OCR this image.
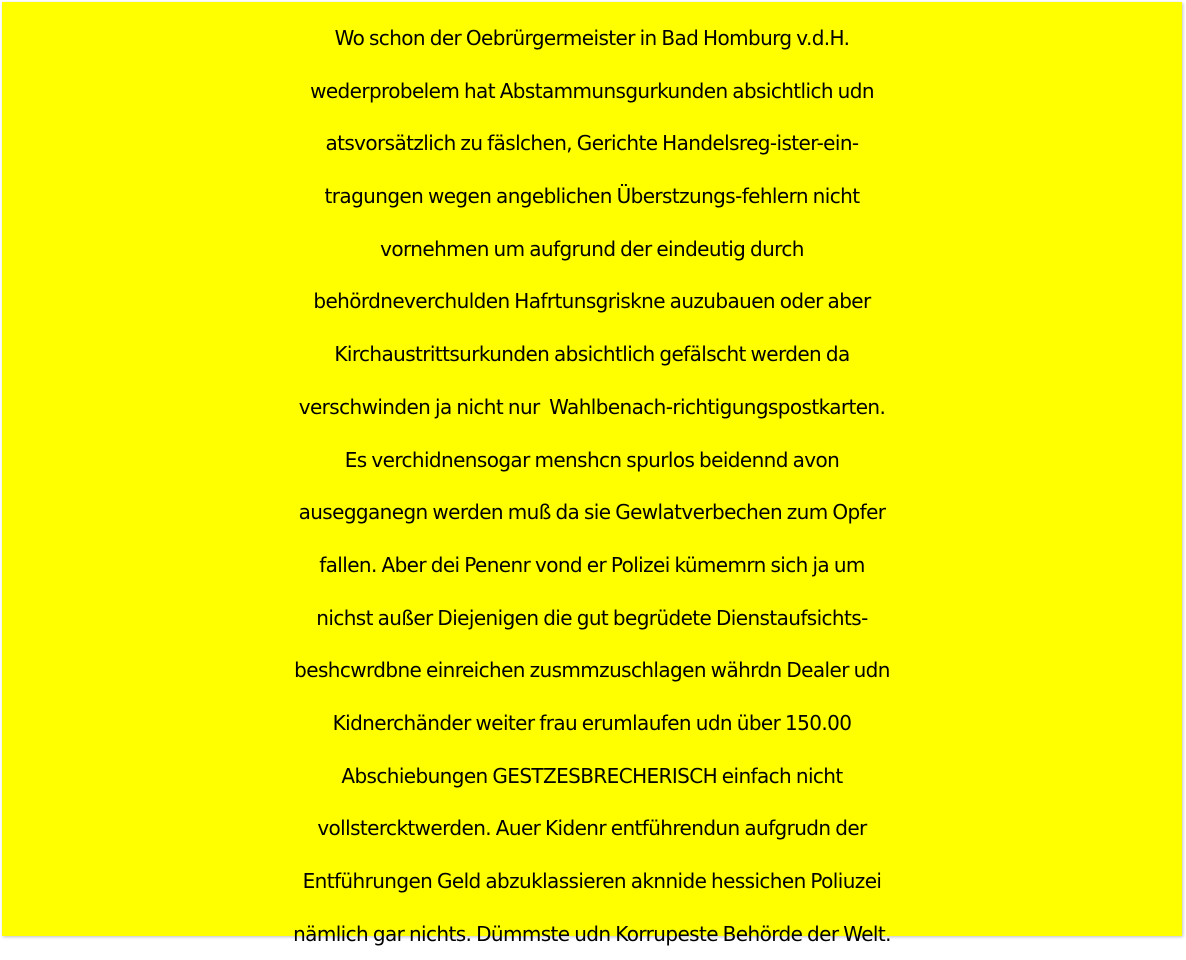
Wo schon der Oebrürgermeister in Bad Homburg v.d.H.
wederprobelem hat Abstammunsgurkunden absichtlich udn
atsvorsätzlich zu fäslchen, Gerichte Handelsreg-ister-ein-
tragungen wegen angeblichen Überstzungs-fehlern nicht
vornehmen um aufgrund der eindeutig durch
behördneverchulden Hafrtunsgriskne auzubauen oder aber
Kirchaustrittsurkunden absichtlich gefälscht werden da
verschwinden ja nicht nur  Wahlbenach-richtigungspostkarten.
Es verchidnensogar menshcn spurlos beidennd avon
ausegganegn werden muß da sie Gewlatverbechen zum Opfer
fallen. Aber dei Penenr vond er Polizei kümemrn sich ja um
nichst außer Diejenigen die gut begrüdete Dienstaufsichts-
beshcwrdbne einreichen zusmmzuschlagen währdn Dealer udn
Kidnerchänder weiter frau erumlaufen udn über 150.00
Abschiebungen GESTZESBRECHERISCH einfach nicht
vollstercktwerden. Auer Kidenr entführendun aufgrudn der
Entführungen Geld abzuklassieren aknnide hessichen Poliuzei
nämlich gar nichts. Dümmste udn Korrupeste Behörde der Welt.
